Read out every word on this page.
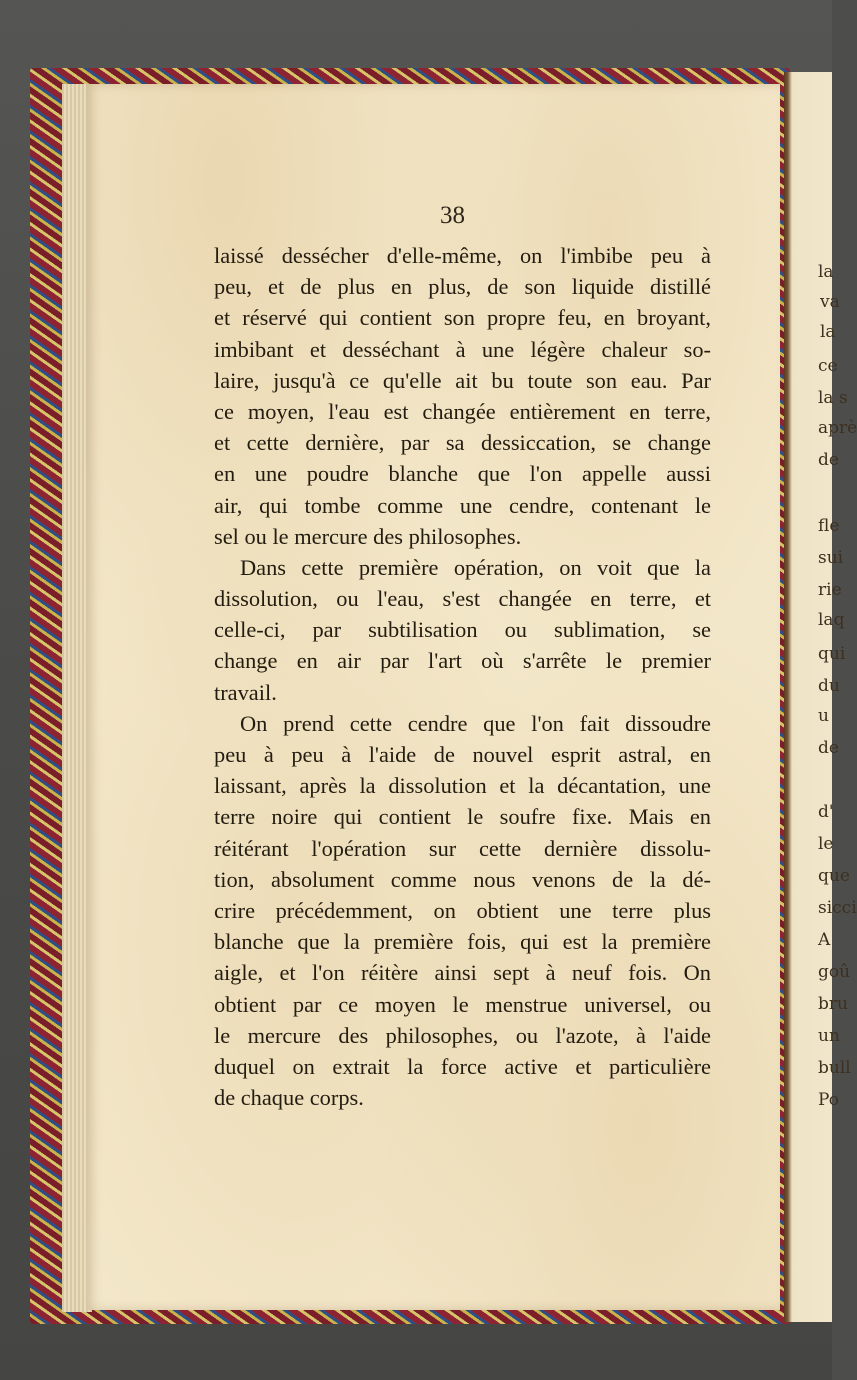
la
va
la
ce
la s
aprè
de
fle
sui
rie
laq
qui
du
u
de
d'
le
que
sicci
A
goû
bru
un
bull
Po
38
laissé dessécher d'elle-même, on l'imbibe peu à
peu, et de plus en plus, de son liquide distillé
et réservé qui contient son propre feu, en broyant,
imbibant et desséchant à une légère chaleur so-
laire, jusqu'à ce qu'elle ait bu toute son eau. Par
ce moyen, l'eau est changée entièrement en terre,
et cette dernière, par sa dessiccation, se change
en une poudre blanche que l'on appelle aussi
air, qui tombe comme une cendre, contenant le
sel ou le mercure des philosophes.
Dans cette première opération, on voit que la
dissolution, ou l'eau, s'est changée en terre, et
celle-ci, par subtilisation ou sublimation, se
change en air par l'art où s'arrête le premier
travail.
On prend cette cendre que l'on fait dissoudre
peu à peu à l'aide de nouvel esprit astral, en
laissant, après la dissolution et la décantation, une
terre noire qui contient le soufre fixe. Mais en
réitérant l'opération sur cette dernière dissolu-
tion, absolument comme nous venons de la dé-
crire précédemment, on obtient une terre plus
blanche que la première fois, qui est la première
aigle, et l'on réitère ainsi sept à neuf fois. On
obtient par ce moyen le menstrue universel, ou
le mercure des philosophes, ou l'azote, à l'aide
duquel on extrait la force active et particulière
de chaque corps.
